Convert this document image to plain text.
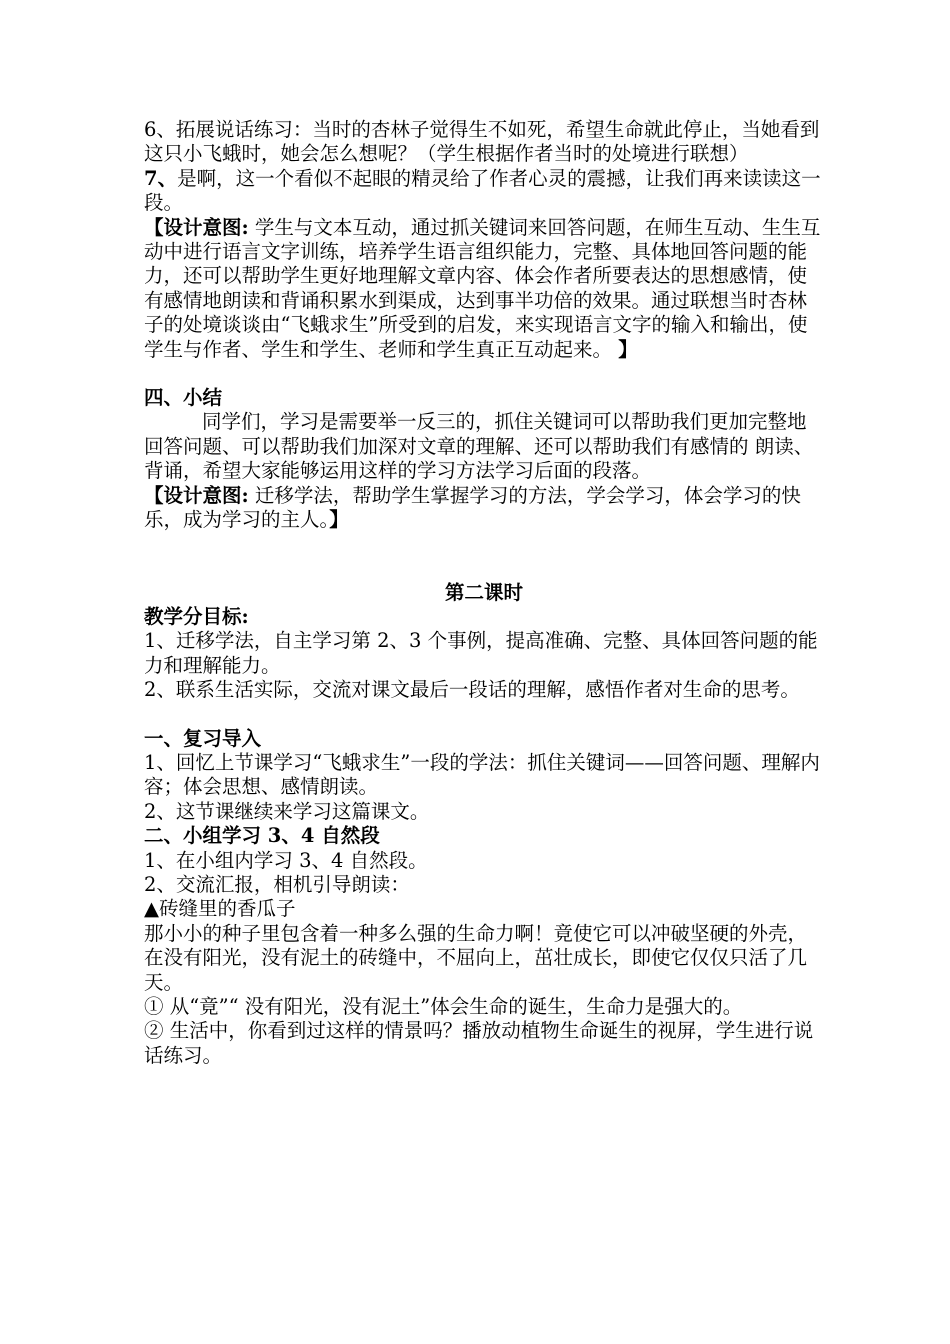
6、拓展说话练习：当时的杏林子觉得生不如死，希望生命就此停止，当她看到这只小飞蛾时，她会怎么想呢？（学生根据作者当时的处境进行联想）

7、是啊，这一个看似不起眼的精灵给了作者心灵的震撼，让我们再来读读这一段。

【设计意图: 学生与文本互动，通过抓关键词来回答问题，在师生互动、生生互动中进行语言文字训练，培养学生语言组织能力，完整、具体地回答问题的能力，还可以帮助学生更好地理解文章内容、体会作者所要表达的思想感情，使有感情地朗读和背诵积累水到渠成，达到事半功倍的效果。通过联想当时杏林子的处境谈谈由“飞蛾求生”所受到的启发，来实现语言文字的输入和输出，使学生与作者、学生和学生、老师和学生真正互动起来。 】

四、小结

同学们，学习是需要举一反三的，抓住关键词可以帮助我们更加完整地回答问题、可以帮助我们加深对文章的理解、还可以帮助我们有感情的 朗读、背诵，希望大家能够运用这样的学习方法学习后面的段落。

【设计意图: 迁移学法，帮助学生掌握学习的方法，学会学习，体会学习的快乐，成为学习的主人。】

第二课时

教学分目标:

1、迁移学法，自主学习第 2、3 个事例，提高准确、完整、具体回答问题的能力和理解能力。

2、联系生活实际，交流对课文最后一段话的理解，感悟作者对生命的思考。

一、复习导入

1、回忆上节课学习“飞蛾求生”一段的学法：抓住关键词——回答问题、理解内容；体会思想、感情朗读。

2、这节课继续来学习这篇课文。

二、小组学习 3、4 自然段

1、在小组内学习 3、4 自然段。

2、交流汇报，相机引导朗读：

▲砖缝里的香瓜子

那小小的种子里包含着一种多么强的生命力啊！竟使它可以冲破坚硬的外壳，在没有阳光，没有泥土的砖缝中，不屈向上，茁壮成长，即使它仅仅只活了几天。

① 从“竟”“ 没有阳光，没有泥土”体会生命的诞生，生命力是强大的。

② 生活中，你看到过这样的情景吗？播放动植物生命诞生的视屏，学生进行说话练习。
